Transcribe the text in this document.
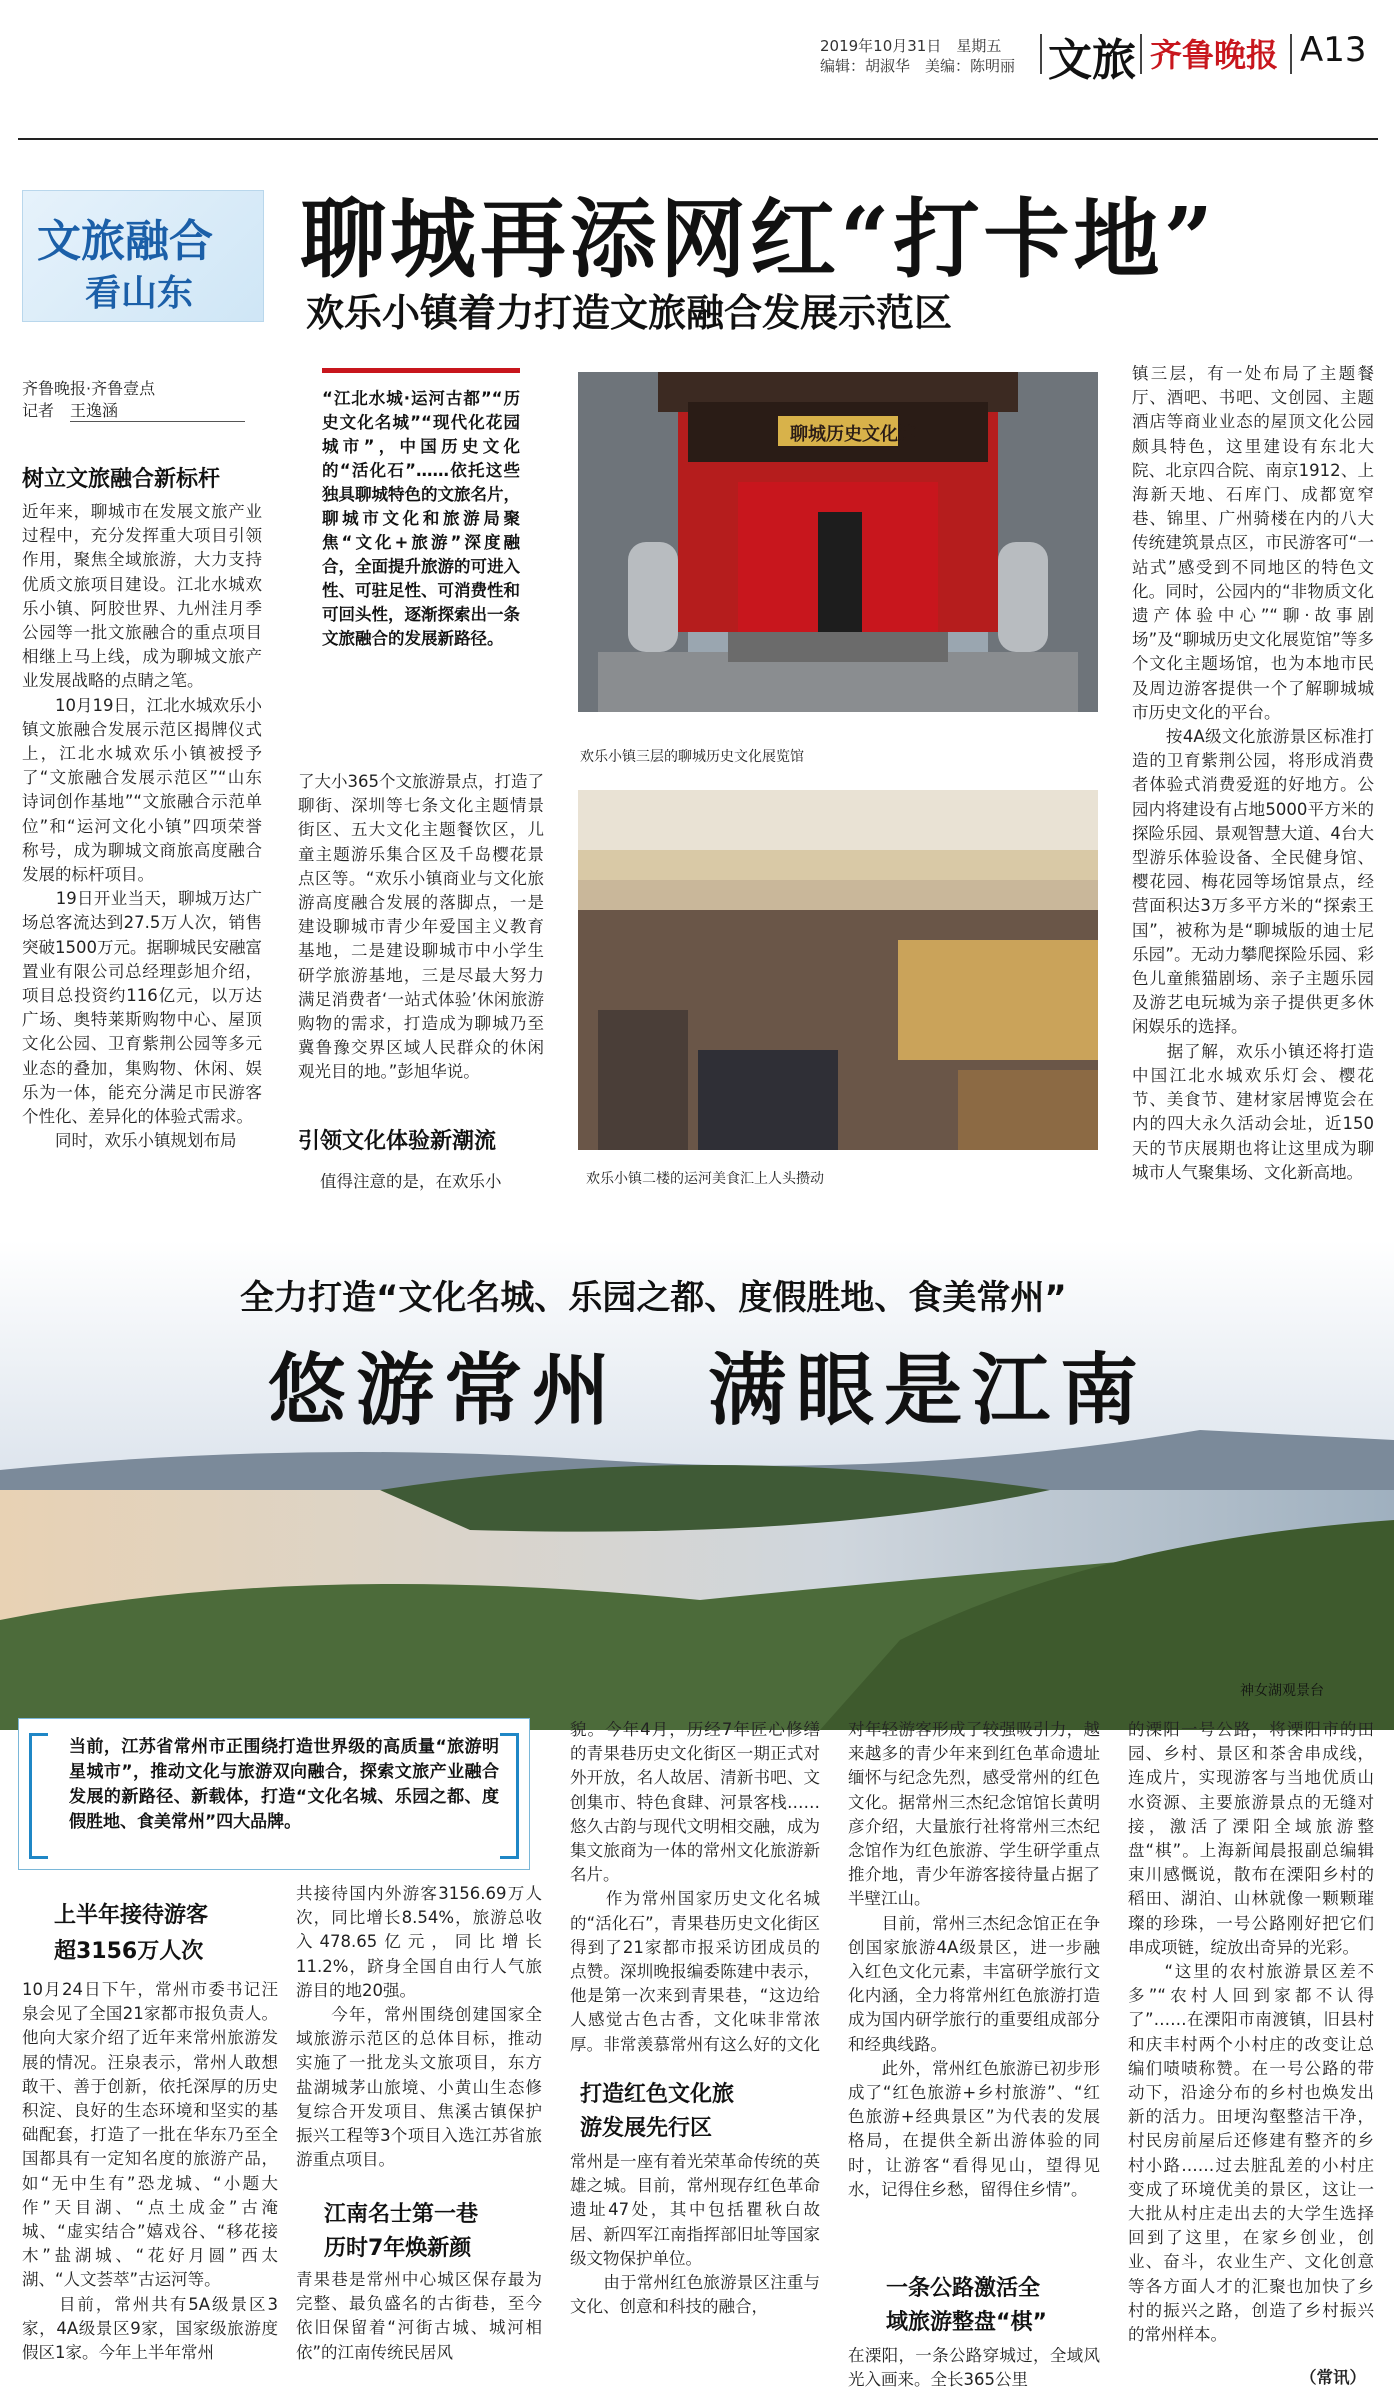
2019年10月31日　星期五
编辑：胡淑华　美编：陈明丽 文旅 齐鲁晚报 A13
文旅融合
看山东
聊城再添网红“打卡地”
欢乐小镇着力打造文旅融合发展示范区
齐鲁晚报·齐鲁壹点
记者　王逸涵
树立文旅融合新标杆
近年来，聊城市在发展文旅产业过程中，充分发挥重大项目引领作用，聚焦全域旅游，大力支持优质文旅项目建设。江北水城欢乐小镇、阿胶世界、九州洼月季公园等一批文旅融合的重点项目相继上马上线，成为聊城文旅产业发展战略的点睛之笔。
　　10月19日，江北水城欢乐小镇文旅融合发展示范区揭牌仪式上，江北水城欢乐小镇被授予了“文旅融合发展示范区”“山东诗词创作基地”“文旅融合示范单位”和“运河文化小镇”四项荣誉称号，成为聊城文商旅高度融合发展的标杆项目。
　　19日开业当天，聊城万达广场总客流达到27.5万人次，销售突破1500万元。据聊城民安融富置业有限公司总经理彭旭介绍，项目总投资约116亿元，以万达广场、奥特莱斯购物中心、屋顶文化公园、卫育紫荆公园等多元业态的叠加，集购物、休闲、娱乐为一体，能充分满足市民游客个性化、差异化的体验式需求。
　　同时，欢乐小镇规划布局
“江北水城·运河古都”“历史文化名城”“现代化花园城市”，中国历史文化的“活化石”……依托这些独具聊城特色的文旅名片，聊城市文化和旅游局聚焦“文化+旅游”深度融合，全面提升旅游的可进入性、可驻足性、可消费性和可回头性，逐渐探索出一条文旅融合的发展新路径。
了大小365个文旅游景点，打造了聊街、深圳等七条文化主题情景街区、五大文化主题餐饮区，儿童主题游乐集合区及千岛樱花景点区等。“欢乐小镇商业与文化旅游高度融合发展的落脚点，一是建设聊城市青少年爱国主义教育基地，二是建设聊城市中小学生研学旅游基地，三是尽最大努力满足消费者‘一站式体验’休闲旅游购物的需求，打造成为聊城乃至冀鲁豫交界区域人民群众的休闲观光目的地。”彭旭华说。
引领文化体验新潮流
值得注意的是，在欢乐小
聊城历史文化馆
欢乐小镇三层的聊城历史文化展览馆
欢乐小镇二楼的运河美食汇上人头攒动
镇三层，有一处布局了主题餐厅、酒吧、书吧、文创园、主题酒店等商业业态的屋顶文化公园颇具特色，这里建设有东北大院、北京四合院、南京1912、上海新天地、石库门、成都宽窄巷、锦里、广州骑楼在内的八大传统建筑景点区，市民游客可“一站式”感受到不同地区的特色文化。同时，公园内的“非物质文化遗产体验中心”“聊·故事剧场”及“聊城历史文化展览馆”等多个文化主题场馆，也为本地市民及周边游客提供一个了解聊城城市历史文化的平台。
　　按4A级文化旅游景区标准打造的卫育紫荆公园，将形成消费者体验式消费爱逛的好地方。公园内将建设有占地5000平方米的探险乐园、景观智慧大道、4台大型游乐体验设备、全民健身馆、樱花园、梅花园等场馆景点，经营面积达3万多平方米的“探索王国”，被称为是“聊城版的迪士尼乐园”。无动力攀爬探险乐园、彩色儿童熊猫剧场、亲子主题乐园及游艺电玩城为亲子提供更多休闲娱乐的选择。
　　据了解，欢乐小镇还将打造中国江北水城欢乐灯会、樱花节、美食节、建材家居博览会在内的四大永久活动会址，近150天的节庆展期也将让这里成为聊城市人气聚集场、文化新高地。
全力打造“文化名城、乐园之都、度假胜地、食美常州”
悠游常州　满眼是江南
神女湖观景台
当前，江苏省常州市正围绕打造世界级的高质量“旅游明星城市”，推动文化与旅游双向融合，探索文旅产业融合发展的新路径、新载体，打造“文化名城、乐园之都、度假胜地、食美常州”四大品牌。
上半年接待游客
超3156万人次
10月24日下午，常州市委书记汪泉会见了全国21家都市报负责人。他向大家介绍了近年来常州旅游发展的情况。汪泉表示，常州人敢想敢干、善于创新，依托深厚的历史积淀、良好的生态环境和坚实的基础配套，打造了一批在华东乃至全国都具有一定知名度的旅游产品，如“无中生有”恐龙城、“小题大作”天目湖、“点土成金”古淹城、“虚实结合”嬉戏谷、“移花接木”盐湖城、“花好月圆”西太湖、“人文荟萃”古运河等。
　　目前，常州共有5A级景区3家，4A级景区9家，国家级旅游度假区1家。今年上半年常州
共接待国内外游客3156.69万人次，同比增长8.54%，旅游总收入478.65亿元，同比增长11.2%，跻身全国自由行人气旅游目的地20强。
　　今年，常州围绕创建国家全域旅游示范区的总体目标，推动实施了一批龙头文旅项目，东方盐湖城茅山旅境、小黄山生态修复综合开发项目、焦溪古镇保护振兴工程等3个项目入选江苏省旅游重点项目。
江南名士第一巷
历时7年焕新颜
青果巷是常州中心城区保存最为完整、最负盛名的古街巷，至今依旧保留着“河街古城、城河相依”的江南传统民居风
貌。今年4月，历经7年匠心修缮的青果巷历史文化街区一期正式对外开放，名人故居、清新书吧、文创集市、特色食肆、河景客栈……悠久古韵与现代文明相交融，成为集文旅商为一体的常州文化旅游新名片。
　　作为常州国家历史文化名城的“活化石”，青果巷历史文化街区得到了21家都市报采访团成员的点赞。深圳晚报编委陈建中表示，他是第一次来到青果巷，“这边给人感觉古色古香，文化味非常浓厚。非常羡慕常州有这么好的文化
打造红色文化旅
游发展先行区
常州是一座有着光荣革命传统的英雄之城。目前，常州现存红色革命遗址47处，其中包括瞿秋白故居、新四军江南指挥部旧址等国家级文物保护单位。
　　由于常州红色旅游景区注重与文化、创意和科技的融合，
对年轻游客形成了较强吸引力，越来越多的青少年来到红色革命遗址缅怀与纪念先烈，感受常州的红色文化。据常州三杰纪念馆馆长黄明彦介绍，大量旅行社将常州三杰纪念馆作为红色旅游、学生研学重点推介地，青少年游客接待量占据了半壁江山。
　　目前，常州三杰纪念馆正在争创国家旅游4A级景区，进一步融入红色文化元素，丰富研学旅行文化内涵，全力将常州红色旅游打造成为国内研学旅行的重要组成部分和经典线路。
　　此外，常州红色旅游已初步形成了“红色旅游+乡村旅游”、“红色旅游+经典景区”为代表的发展格局，在提供全新出游体验的同时，让游客“看得见山，望得见水，记得住乡愁，留得住乡情”。
一条公路激活全
域旅游整盘“棋”
在溧阳，一条公路穿城过，全域风光入画来。全长365公里
的溧阳一号公路，将溧阳市的田园、乡村、景区和茶舍串成线，连成片，实现游客与当地优质山水资源、主要旅游景点的无缝对接，激活了溧阳全域旅游整盘“棋”。上海新闻晨报副总编辑束川感慨说，散布在溧阳乡村的稻田、湖泊、山林就像一颗颗璀璨的珍珠，一号公路刚好把它们串成项链，绽放出奇异的光彩。
　　“这里的农村旅游景区差不多”“农村人回到家都不认得了”……在溧阳市南渡镇，旧县村和庆丰村两个小村庄的改变让总编们啧啧称赞。在一号公路的带动下，沿途分布的乡村也焕发出新的活力。田埂沟壑整洁干净，村民房前屋后还修建有整齐的乡村小路……过去脏乱差的小村庄变成了环境优美的景区，这让一大批从村庄走出去的大学生选择回到了这里，在家乡创业，创业、奋斗，农业生产、文化创意等各方面人才的汇聚也加快了乡村的振兴之路，创造了乡村振兴的常州样本。
（常讯）
